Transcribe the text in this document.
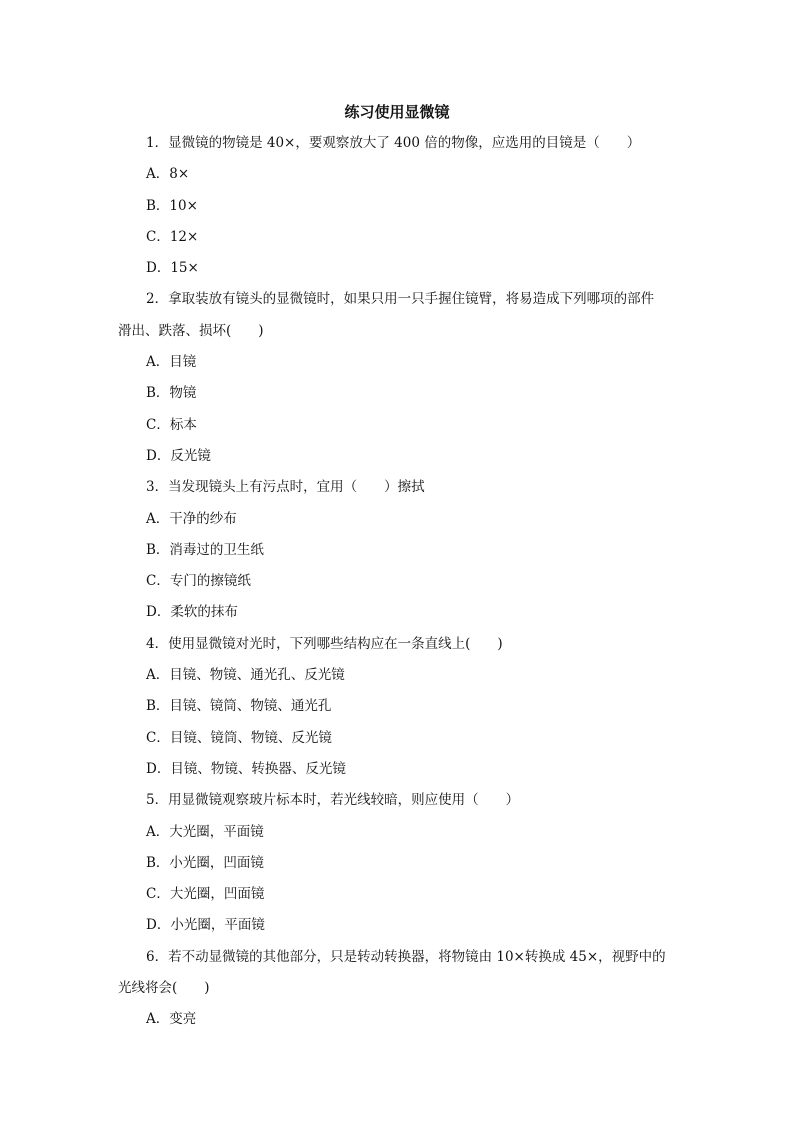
练习使用显微镜
1．显微镜的物镜是 40×，要观察放大了 400 倍的物像，应选用的目镜是（　　）
A．8×
B．10×
C．12×
D．15×
2．拿取装放有镜头的显微镜时，如果只用一只手握住镜臂，将易造成下列哪项的部件
滑出、跌落、损坏(　　)
A．目镜
B．物镜
C．标本
D．反光镜
3．当发现镜头上有污点时，宜用（　　）擦拭
A．干净的纱布
B．消毒过的卫生纸
C．专门的擦镜纸
D．柔软的抹布
4．使用显微镜对光时，下列哪些结构应在一条直线上(　　)
A．目镜、物镜、通光孔、反光镜
B．目镜、镜筒、物镜、通光孔
C．目镜、镜筒、物镜、反光镜
D．目镜、物镜、转换器、反光镜
5．用显微镜观察玻片标本时，若光线较暗，则应使用（　　）
A．大光圈，平面镜
B．小光圈，凹面镜
C．大光圈，凹面镜
D．小光圈，平面镜
6．若不动显微镜的其他部分，只是转动转换器，将物镜由 10×转换成 45×，视野中的
光线将会(　　)
A．变亮
